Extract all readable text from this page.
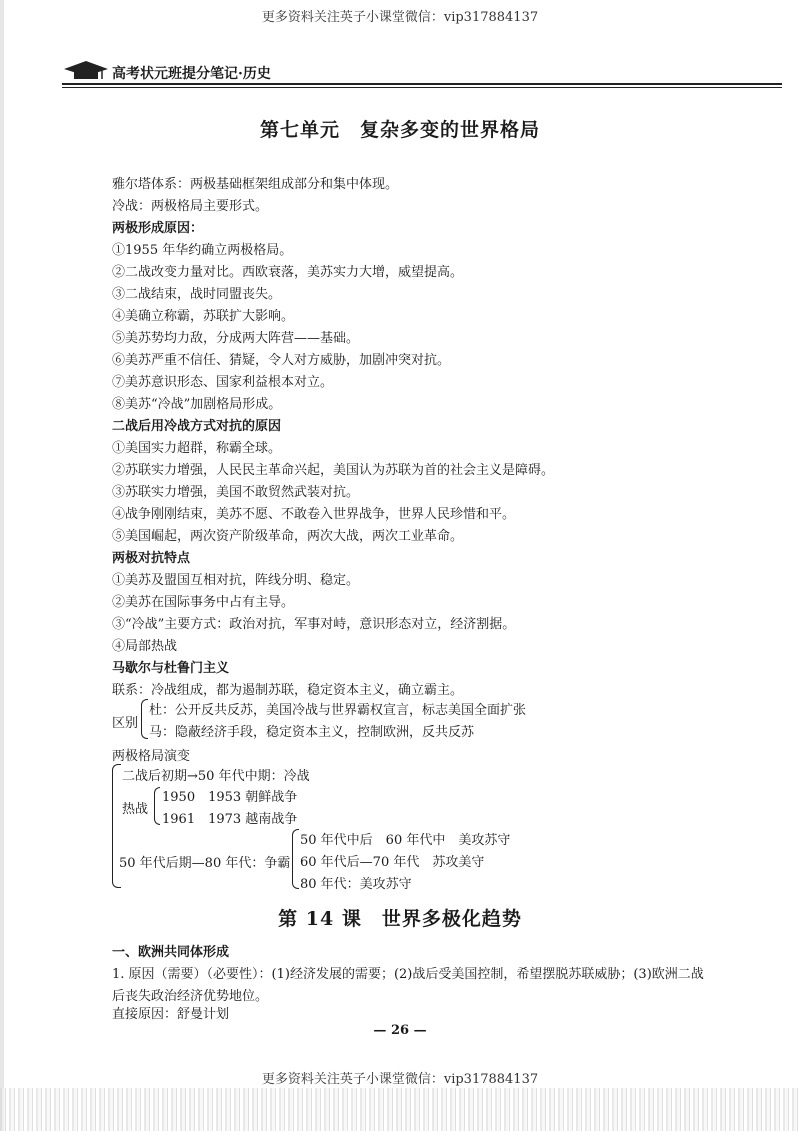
更多资料关注英子小课堂微信：vip317884137
高考状元班提分笔记·历史
第七单元　复杂多变的世界格局
雅尔塔体系：两极基础框架组成部分和集中体现。
冷战：两极格局主要形式。
两极形成原因：
①1955 年华约确立两极格局。
②二战改变力量对比。西欧衰落，美苏实力大增，威望提高。
③二战结束，战时同盟丧失。
④美确立称霸，苏联扩大影响。
⑤美苏势均力敌，分成两大阵营——基础。
⑥美苏严重不信任、猜疑，令人对方威胁，加剧冲突对抗。
⑦美苏意识形态、国家利益根本对立。
⑧美苏“冷战”加剧格局形成。
二战后用冷战方式对抗的原因
①美国实力超群，称霸全球。
②苏联实力增强，人民民主革命兴起，美国认为苏联为首的社会主义是障碍。
③苏联实力增强，美国不敢贸然武装对抗。
④战争刚刚结束，美苏不愿、不敢卷入世界战争，世界人民珍惜和平。
⑤美国崛起，两次资产阶级革命，两次大战，两次工业革命。
两极对抗特点
①美苏及盟国互相对抗，阵线分明、稳定。
②美苏在国际事务中占有主导。
③“冷战”主要方式：政治对抗，军事对峙，意识形态对立，经济割据。
④局部热战
马歇尔与杜鲁门主义
联系：冷战组成，都为遏制苏联，稳定资本主义，确立霸主。
区别
杜：公开反共反苏，美国冷战与世界霸权宣言，标志美国全面扩张
马：隐蔽经济手段，稳定资本主义，控制欧洲，反共反苏
两极格局演变
二战后初期→50 年代中期：冷战
热战
1950　1953 朝鲜战争
1961　1973 越南战争
50 年代后期—80 年代：争霸
50 年代中后　60 年代中　美攻苏守
60 年代后—70 年代　苏攻美守
80 年代：美攻苏守
第 14 课　世界多极化趋势
一、欧洲共同体形成
1. 原因（需要）（必要性）：(1)经济发展的需要；(2)战后受美国控制，希望摆脱苏联威胁；(3)欧洲二战
后丧失政治经济优势地位。
直接原因：舒曼计划
— 26 —
更多资料关注英子小课堂微信：vip317884137
